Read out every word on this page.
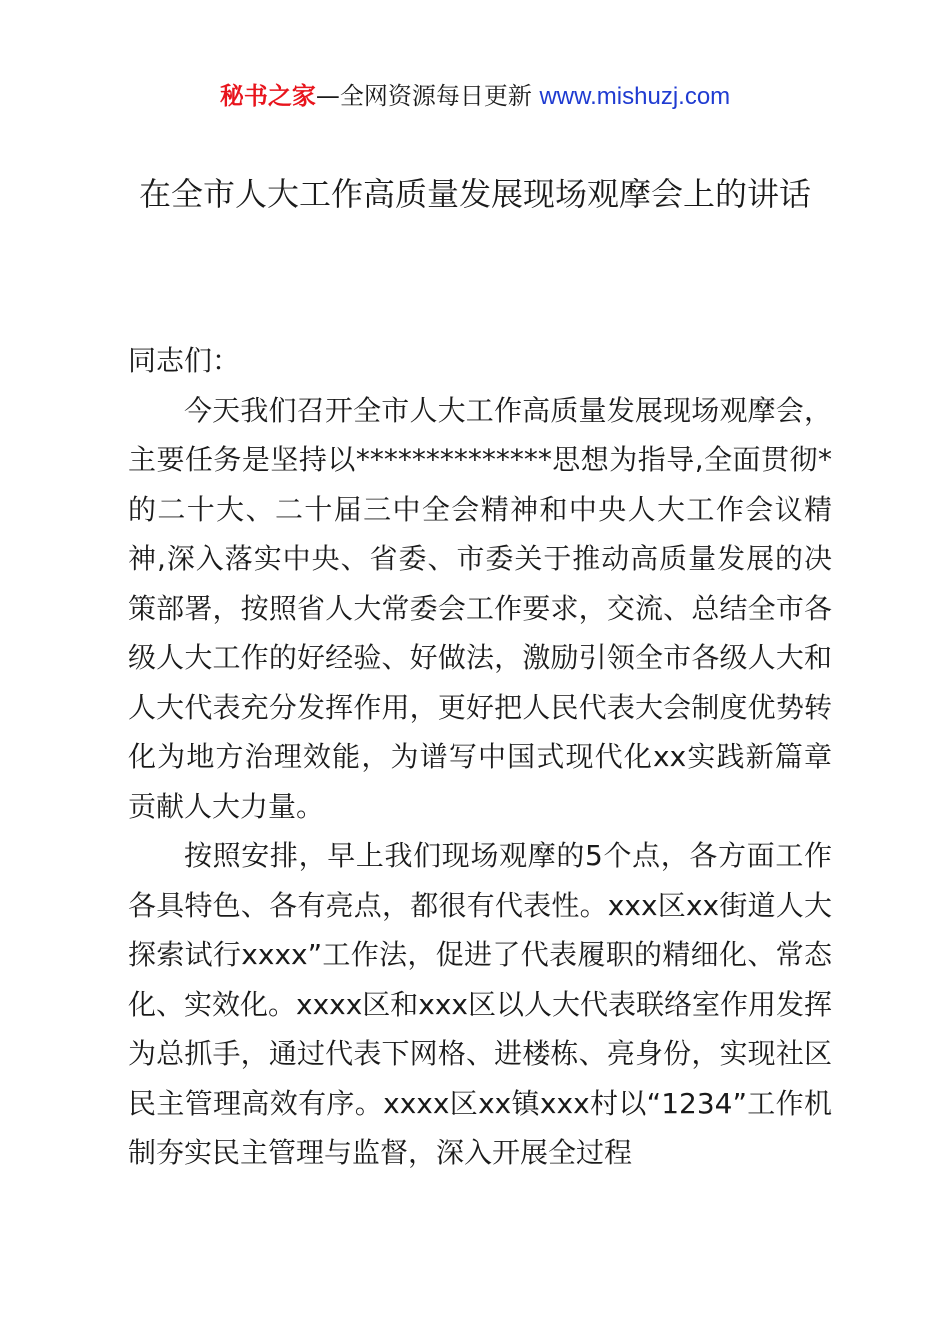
秘书之家—全网资源每日更新 www.mishuzj.com
在全市人大工作高质量发展现场观摩会上的讲话

同志们：

今天我们召开全市人大工作高质量发展现场观摩会，主要任务是坚持以**************思想为指导,全面贯彻*的二十大、二十届三中全会精神和中央人大工作会议精神,深入落实中央、省委、市委关于推动高质量发展的决策部署，按照省人大常委会工作要求，交流、总结全市各级人大工作的好经验、好做法，激励引领全市各级人大和人大代表充分发挥作用，更好把人民代表大会制度优势转化为地方治理效能，为谱写中国式现代化xx实践新篇章贡献人大力量。

按照安排，早上我们现场观摩的5个点，各方面工作各具特色、各有亮点，都很有代表性。xxx区xx街道人大探索试行xxxx”工作法，促进了代表履职的精细化、常态化、实效化。xxxx区和xxx区以人大代表联络室作用发挥为总抓手，通过代表下网格、进楼栋、亮身份，实现社区民主管理高效有序。xxxx区xx镇xxx村以“1234”工作机制夯实民主管理与监督，深入开展全过程
